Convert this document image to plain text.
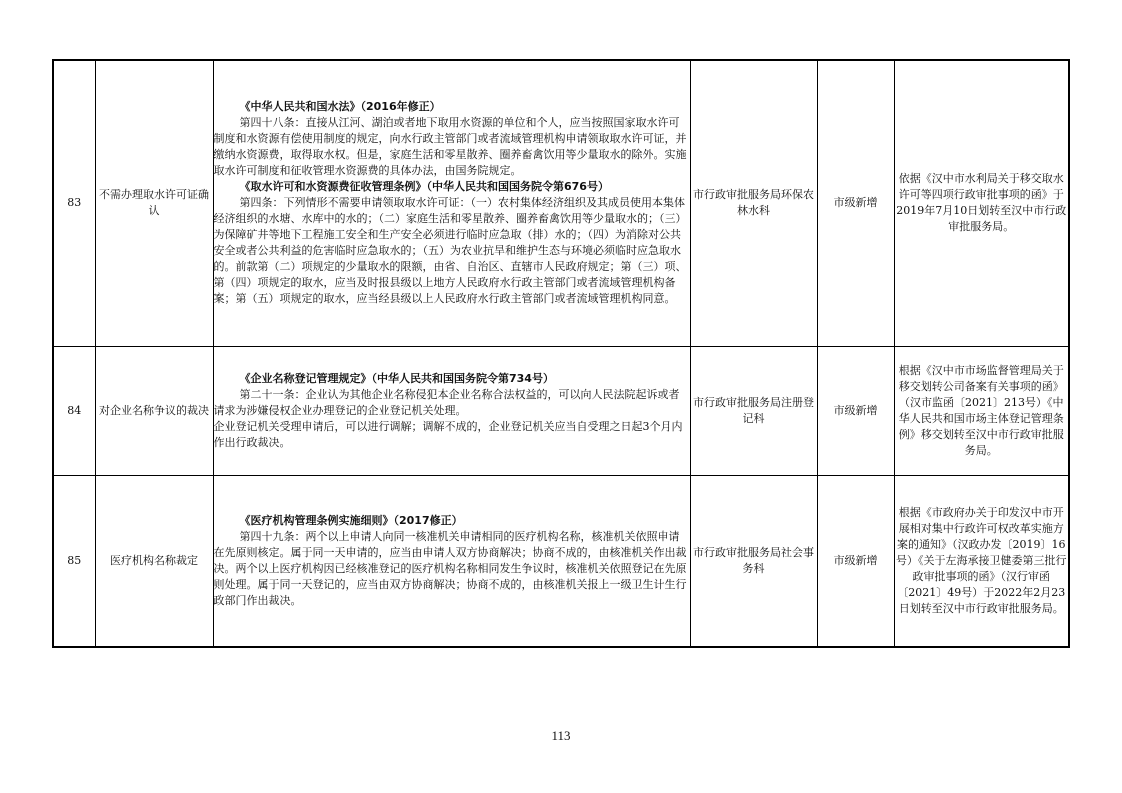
83	不需办理取水许可证确认	《中华人民共和国水法》（2016年修正）
第四十八条：直接从江河、湖泊或者地下取用水资源的单位和个人，应当按照国家取水许可制度和水资源有偿使用制度的规定，向水行政主管部门或者流域管理机构申请领取取水许可证，并缴纳水资源费，取得取水权。但是，家庭生活和零星散养、圈养畜禽饮用等少量取水的除外。实施取水许可制度和征收管理水资源费的具体办法，由国务院规定。
《取水许可和水资源费征收管理条例》（中华人民共和国国务院令第676号）
第四条：下列情形不需要申请领取取水许可证：（一）农村集体经济组织及其成员使用本集体经济组织的水塘、水库中的水的；（二）家庭生活和零星散养、圈养畜禽饮用等少量取水的；（三）为保障矿井等地下工程施工安全和生产安全必须进行临时应急取（排）水的；（四）为消除对公共安全或者公共利益的危害临时应急取水的；（五）为农业抗旱和维护生态与环境必须临时应急取水的。前款第（二）项规定的少量取水的限额，由省、自治区、直辖市人民政府规定；第（三）项、第（四）项规定的取水，应当及时报县级以上地方人民政府水行政主管部门或者流域管理机构备案；第（五）项规定的取水，应当经县级以上人民政府水行政主管部门或者流域管理机构同意。	市行政审批服务局环保农林水科	市级新增	依据《汉中市水利局关于移交取水许可等四项行政审批事项的函》于2019年7月10日划转至汉中市行政审批服务局。
84	对企业名称争议的裁决	《企业名称登记管理规定》（中华人民共和国国务院令第734号）
第二十一条：企业认为其他企业名称侵犯本企业名称合法权益的，可以向人民法院起诉或者请求为涉嫌侵权企业办理登记的企业登记机关处理。
企业登记机关受理申请后，可以进行调解；调解不成的，企业登记机关应当自受理之日起3个月内作出行政裁决。	市行政审批服务局注册登记科	市级新增	根据《汉中市市场监督管理局关于移交划转公司备案有关事项的函》（汉市监函〔2021〕213号）《中华人民共和国市场主体登记管理条例》移交划转至汉中市行政审批服务局。
85	医疗机构名称裁定	《医疗机构管理条例实施细则》（2017修正）
第四十九条：两个以上申请人向同一核准机关申请相同的医疗机构名称，核准机关依照申请在先原则核定。属于同一天申请的，应当由申请人双方协商解决；协商不成的，由核准机关作出裁决。两个以上医疗机构因已经核准登记的医疗机构名称相同发生争议时，核准机关依照登记在先原则处理。属于同一天登记的，应当由双方协商解决；协商不成的，由核准机关报上一级卫生计生行政部门作出裁决。	市行政审批服务局社会事务科	市级新增	根据《市政府办关于印发汉中市开展相对集中行政许可权改革实施方案的通知》（汉政办发〔2019〕16号）《关于左海承接卫健委第三批行政审批事项的函》（汉行审函〔2021〕49号）于2022年2月23日划转至汉中市行政审批服务局。
113
